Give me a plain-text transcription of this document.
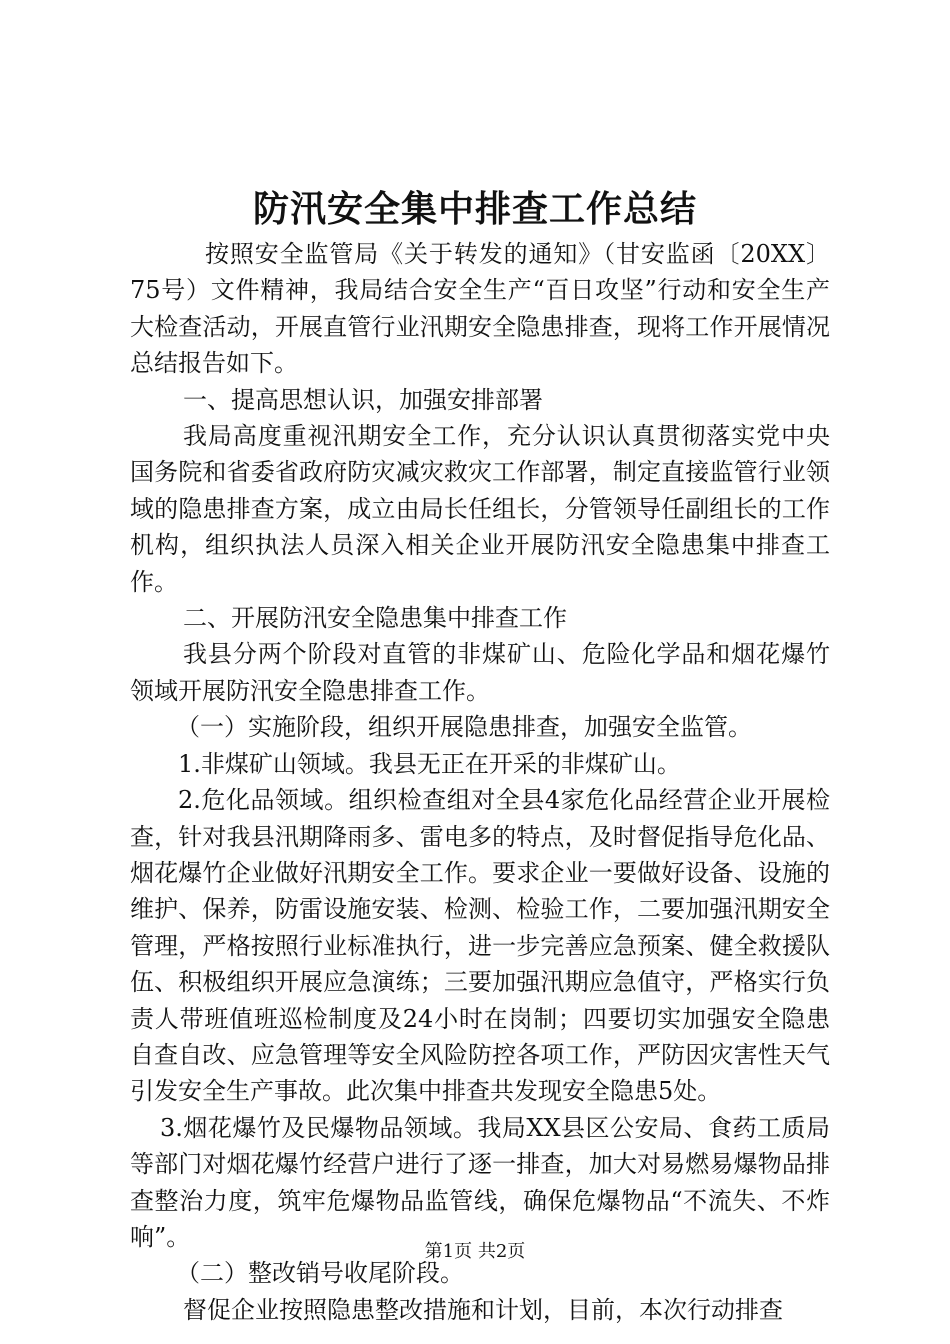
防汛安全集中排查工作总结

按照安全监管局《关于转发的通知》（甘安监函〔20XX〕75号）文件精神，我局结合安全生产“百日攻坚”行动和安全生产大检查活动，开展直管行业汛期安全隐患排查，现将工作开展情况总结报告如下。

一、提高思想认识，加强安排部署

我局高度重视汛期安全工作，充分认识认真贯彻落实党中央国务院和省委省政府防灾减灾救灾工作部署，制定直接监管行业领域的隐患排查方案，成立由局长任组长，分管领导任副组长的工作机构，组织执法人员深入相关企业开展防汛安全隐患集中排查工作。

二、开展防汛安全隐患集中排查工作

我县分两个阶段对直管的非煤矿山、危险化学品和烟花爆竹领域开展防汛安全隐患排查工作。

（一）实施阶段，组织开展隐患排查，加强安全监管。

1.非煤矿山领域。我县无正在开采的非煤矿山。

2.危化品领域。组织检查组对全县4家危化品经营企业开展检查，针对我县汛期降雨多、雷电多的特点，及时督促指导危化品、烟花爆竹企业做好汛期安全工作。要求企业一要做好设备、设施的维护、保养，防雷设施安装、检测、检验工作，二要加强汛期安全管理，严格按照行业标准执行，进一步完善应急预案、健全救援队伍、积极组织开展应急演练；三要加强汛期应急值守，严格实行负责人带班值班巡检制度及24小时在岗制；四要切实加强安全隐患自查自改、应急管理等安全风险防控各项工作，严防因灾害性天气引发安全生产事故。此次集中排查共发现安全隐患5处。

3.烟花爆竹及民爆物品领域。我局XX县区公安局、食药工质局等部门对烟花爆竹经营户进行了逐一排查，加大对易燃易爆物品排查整治力度，筑牢危爆物品监管线，确保危爆物品“不流失、不炸响”。

（二）整改销号收尾阶段。

督促企业按照隐患整改措施和计划，目前，本次行动排查

第1页 共2页
